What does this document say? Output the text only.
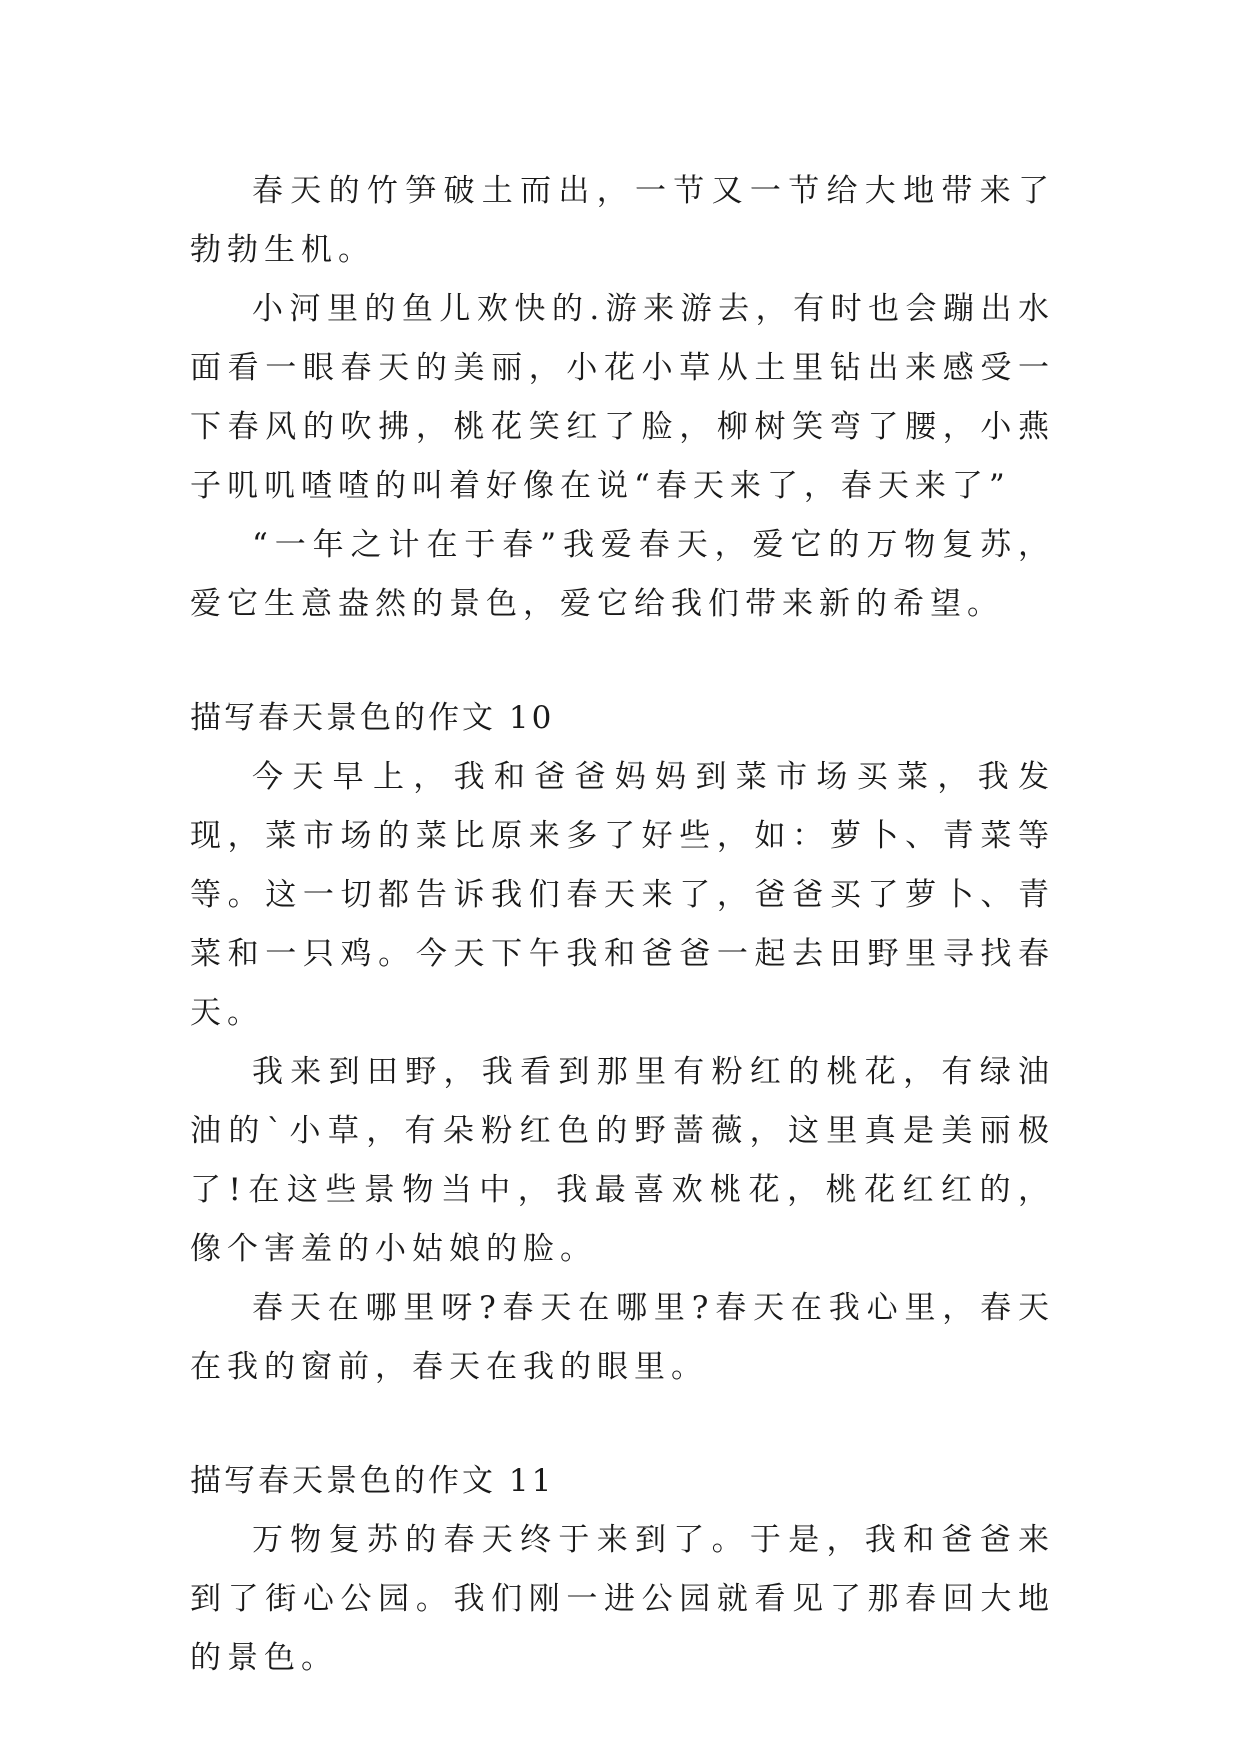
春天的竹笋破土而出，一节又一节给大地带来了勃勃生机。

小河里的鱼儿欢快的.游来游去，有时也会蹦出水面看一眼春天的美丽，小花小草从土里钻出来感受一下春风的吹拂，桃花笑红了脸，柳树笑弯了腰，小燕子叽叽喳喳的叫着好像在说“春天来了，春天来了”

“一年之计在于春”我爱春天，爱它的万物复苏，爱它生意盎然的景色，爱它给我们带来新的希望。

描写春天景色的作文 10

今天早上，我和爸爸妈妈到菜市场买菜，我发现，菜市场的菜比原来多了好些，如：萝卜、青菜等等。这一切都告诉我们春天来了，爸爸买了萝卜、青菜和一只鸡。今天下午我和爸爸一起去田野里寻找春天。

我来到田野，我看到那里有粉红的桃花，有绿油油的`小草，有朵粉红色的野蔷薇，这里真是美丽极了!在这些景物当中，我最喜欢桃花，桃花红红的，像个害羞的小姑娘的脸。

春天在哪里呀?春天在哪里?春天在我心里，春天在我的窗前，春天在我的眼里。

描写春天景色的作文 11

万物复苏的春天终于来到了。于是，我和爸爸来到了街心公园。我们刚一进公园就看见了那春回大地的景色。
